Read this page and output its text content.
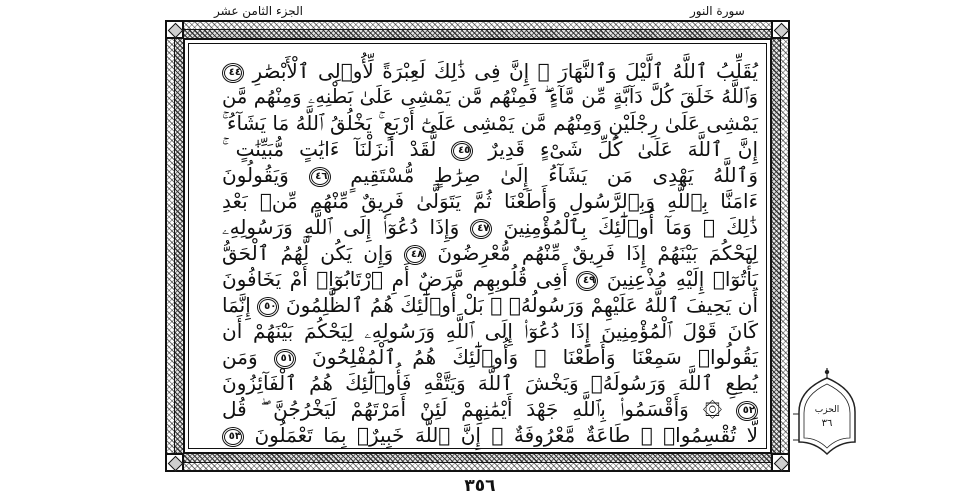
الجزء الثامن عشر	سورة النور
يُقَلِّبُ ٱللَّهُ ٱلَّيْلَ وَٱلنَّهَارَ ۚ إِنَّ فِى ذَٰلِكَ لَعِبْرَةً لِّأُو۟لِى ٱلْأَبْصَٰرِ ٤٤
وَٱللَّهُ خَلَقَ كُلَّ دَآبَّةٍ مِّن مَّآءٍ ۖ فَمِنْهُم مَّن يَمْشِى عَلَىٰ بَطْنِهِۦ وَمِنْهُم مَّن
يَمْشِى عَلَىٰ رِجْلَيْنِ وَمِنْهُم مَّن يَمْشِى عَلَىٰٓ أَرْبَعٍ ۚ يَخْلُقُ ٱللَّهُ مَا يَشَآءُ ۚ
إِنَّ ٱللَّهَ عَلَىٰ كُلِّ شَىْءٍ قَدِيرٌ ٤٥ لَّقَدْ أَنزَلْنَآ ءَايَٰتٍ مُّبَيِّنَٰتٍ ۚ
وَٱللَّهُ يَهْدِى مَن يَشَآءُ إِلَىٰ صِرَٰطٍ مُّسْتَقِيمٍ ٤٦ وَيَقُولُونَ
ءَامَنَّا بِٱللَّهِ وَبِٱلرَّسُولِ وَأَطَعْنَا ثُمَّ يَتَوَلَّىٰ فَرِيقٌ مِّنْهُم مِّنۢ بَعْدِ
ذَٰلِكَ ۚ وَمَآ أُو۟لَٰٓئِكَ بِٱلْمُؤْمِنِينَ ٤٧ وَإِذَا دُعُوٓا۟ إِلَى ٱللَّهِ وَرَسُولِهِۦ
لِيَحْكُمَ بَيْنَهُمْ إِذَا فَرِيقٌ مِّنْهُم مُّعْرِضُونَ ٤٨ وَإِن يَكُن لَّهُمُ ٱلْحَقُّ
يَأْتُوٓا۟ إِلَيْهِ مُذْعِنِينَ ٤٩ أَفِى قُلُوبِهِم مَّرَضٌ أَمِ ٱرْتَابُوٓا۟ أَمْ يَخَافُونَ
أَن يَحِيفَ ٱللَّهُ عَلَيْهِمْ وَرَسُولُهُۥ ۚ بَلْ أُو۟لَٰٓئِكَ هُمُ ٱلظَّٰلِمُونَ ٥٠ إِنَّمَا
كَانَ قَوْلَ ٱلْمُؤْمِنِينَ إِذَا دُعُوٓا۟ إِلَى ٱللَّهِ وَرَسُولِهِۦ لِيَحْكُمَ بَيْنَهُمْ أَن
يَقُولُوا۟ سَمِعْنَا وَأَطَعْنَا ۚ وَأُو۟لَٰٓئِكَ هُمُ ٱلْمُفْلِحُونَ ٥١ وَمَن
يُطِعِ ٱللَّهَ وَرَسُولَهُۥ وَيَخْشَ ٱللَّهَ وَيَتَّقْهِ فَأُو۟لَٰٓئِكَ هُمُ ٱلْفَآئِزُونَ
٥٢ ۞ وَأَقْسَمُوا۟ بِٱللَّهِ جَهْدَ أَيْمَٰنِهِمْ لَئِنْ أَمَرْتَهُمْ لَيَخْرُجُنَّ ۖ قُل
لَّا تُقْسِمُوا۟ ۖ طَاعَةٌ مَّعْرُوفَةٌ ۚ إِنَّ ٱللَّهَ خَبِيرٌۢ بِمَا تَعْمَلُونَ ٥٣
الحزب
٣٦
٣٥٦
